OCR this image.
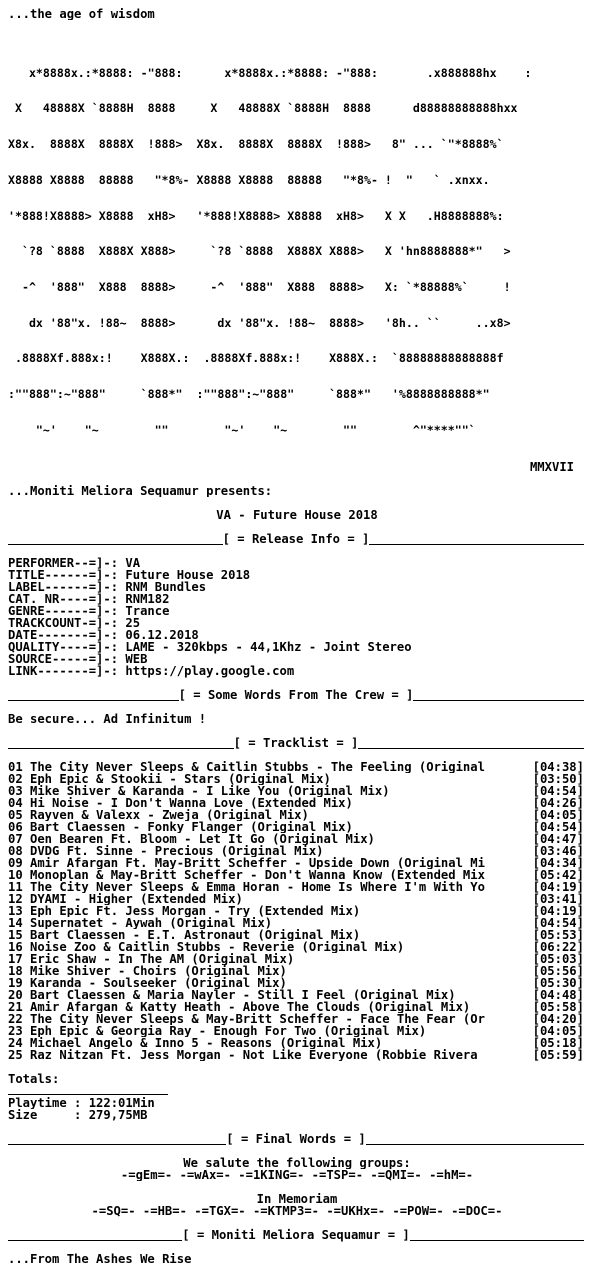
...the age of wisdom

x*8888x.:*8888: -"888:      x*8888x.:*8888: -"888:       .x888888hx    :

X   48888X `8888H  8888     X   48888X `8888H  8888      d88888888888hxx

X8x.  8888X  8888X  !888>  X8x.  8888X  8888X  !888>   8" ... `"*8888%`

X8888 X8888  88888   "*8%- X8888 X8888  88888   "*8%- !  "   ` .xnxx.

'*888!X8888> X8888  xH8>   '*888!X8888> X8888  xH8>   X X   .H8888888%:

`?8 `8888  X888X X888>     `?8 `8888  X888X X888>   X 'hn8888888*"   >

-^  '888"  X888  8888>     -^  '888"  X888  8888>   X: `*88888%`     !

dx '88"x. !88~  8888>      dx '88"x. !88~  8888>   '8h.. ``     ..x8>

.8888Xf.888x:!    X888X.:  .8888Xf.888x:!    X888X.:  `88888888888888f

:""888":~"888"     `888*"  :""888":~"888"     `888*"   '%8888888888*"

"~'    "~        ""        "~'    "~        ""        ^"****""`

MMXVII
...Moniti Meliora Sequamur presents:
VA - Future House 2018
[ = Release Info = ]
PERFORMER--=]-: VA
TITLE------=]-: Future House 2018
LABEL------=]-: RNM Bundles
CAT. NR----=]-: RNM182
GENRE------=]-: Trance
TRACKCOUNT-=]-: 25
DATE-------=]-: 06.12.2018
QUALITY----=]-: LAME - 320kbps - 44,1Khz - Joint Stereo
SOURCE-----=]-: WEB
LINK-------=]-: https://play.google.com
[ = Some Words From The Crew = ]
Be secure... Ad Infinitum !
[ = Tracklist = ]
01 The City Never Sleeps & Caitlin Stubbs - The Feeling (Original	[04:38]
02 Eph Epic & Stookii - Stars (Original Mix)	[03:50]
03 Mike Shiver & Karanda - I Like You (Original Mix)	[04:54]
04 Hi Noise - I Don't Wanna Love (Extended Mix)	[04:26]
05 Rayven & Valexx - Zweja (Original Mix)	[04:05]
06 Bart Claessen - Fonky Flanger (Original Mix)	[04:54]
07 Oen Bearen Ft. Bloom - Let It Go (Original Mix)	[04:47]
08 DVDG Ft. Sinne - Precious (Original Mix)	[03:46]
09 Amir Afargan Ft. May-Britt Scheffer - Upside Down (Original Mi	[04:34]
10 Monoplan & May-Britt Scheffer - Don't Wanna Know (Extended Mix	[05:42]
11 The City Never Sleeps & Emma Horan - Home Is Where I'm With Yo	[04:19]
12 DYAMI - Higher (Extended Mix)	[03:41]
13 Eph Epic Ft. Jess Morgan - Try (Extended Mix)	[04:19]
14 Supernatet - Aywah (Original Mix)	[04:54]
15 Bart Claessen - E.T. Astronaut (Original Mix)	[05:53]
16 Noise Zoo & Caitlin Stubbs - Reverie (Original Mix)	[06:22]
17 Eric Shaw - In The AM (Original Mix)	[05:03]
18 Mike Shiver - Choirs (Original Mix)	[05:56]
19 Karanda - Soulseeker (Original Mix)	[05:30]
20 Bart Claessen & Maria Nayler - Still I Feel (Original Mix)	[04:48]
21 Amir Afargan & Katty Heath - Above The Clouds (Original Mix)	[05:58]
22 The City Never Sleeps & May-Britt Scheffer - Face The Fear (Or	[04:20]
23 Eph Epic & Georgia Ray - Enough For Two (Original Mix)	[04:05]
24 Michael Angelo & Inno 5 - Reasons (Original Mix)	[05:18]
25 Raz Nitzan Ft. Jess Morgan - Not Like Everyone (Robbie Rivera	[05:59]
Totals:
Playtime : 122:01Min
Size     : 279,75MB
[ = Final Words = ]
We salute the following groups:
-=gEm=- -=wAx=- -=1KING=- -=TSP=- -=QMI=- -=hM=-
In Memoriam
-=SQ=- -=HB=- -=TGX=- -=KTMP3=- -=UKHx=- -=POW=- -=DOC=-
[ = Moniti Meliora Sequamur = ]
...From The Ashes We Rise
